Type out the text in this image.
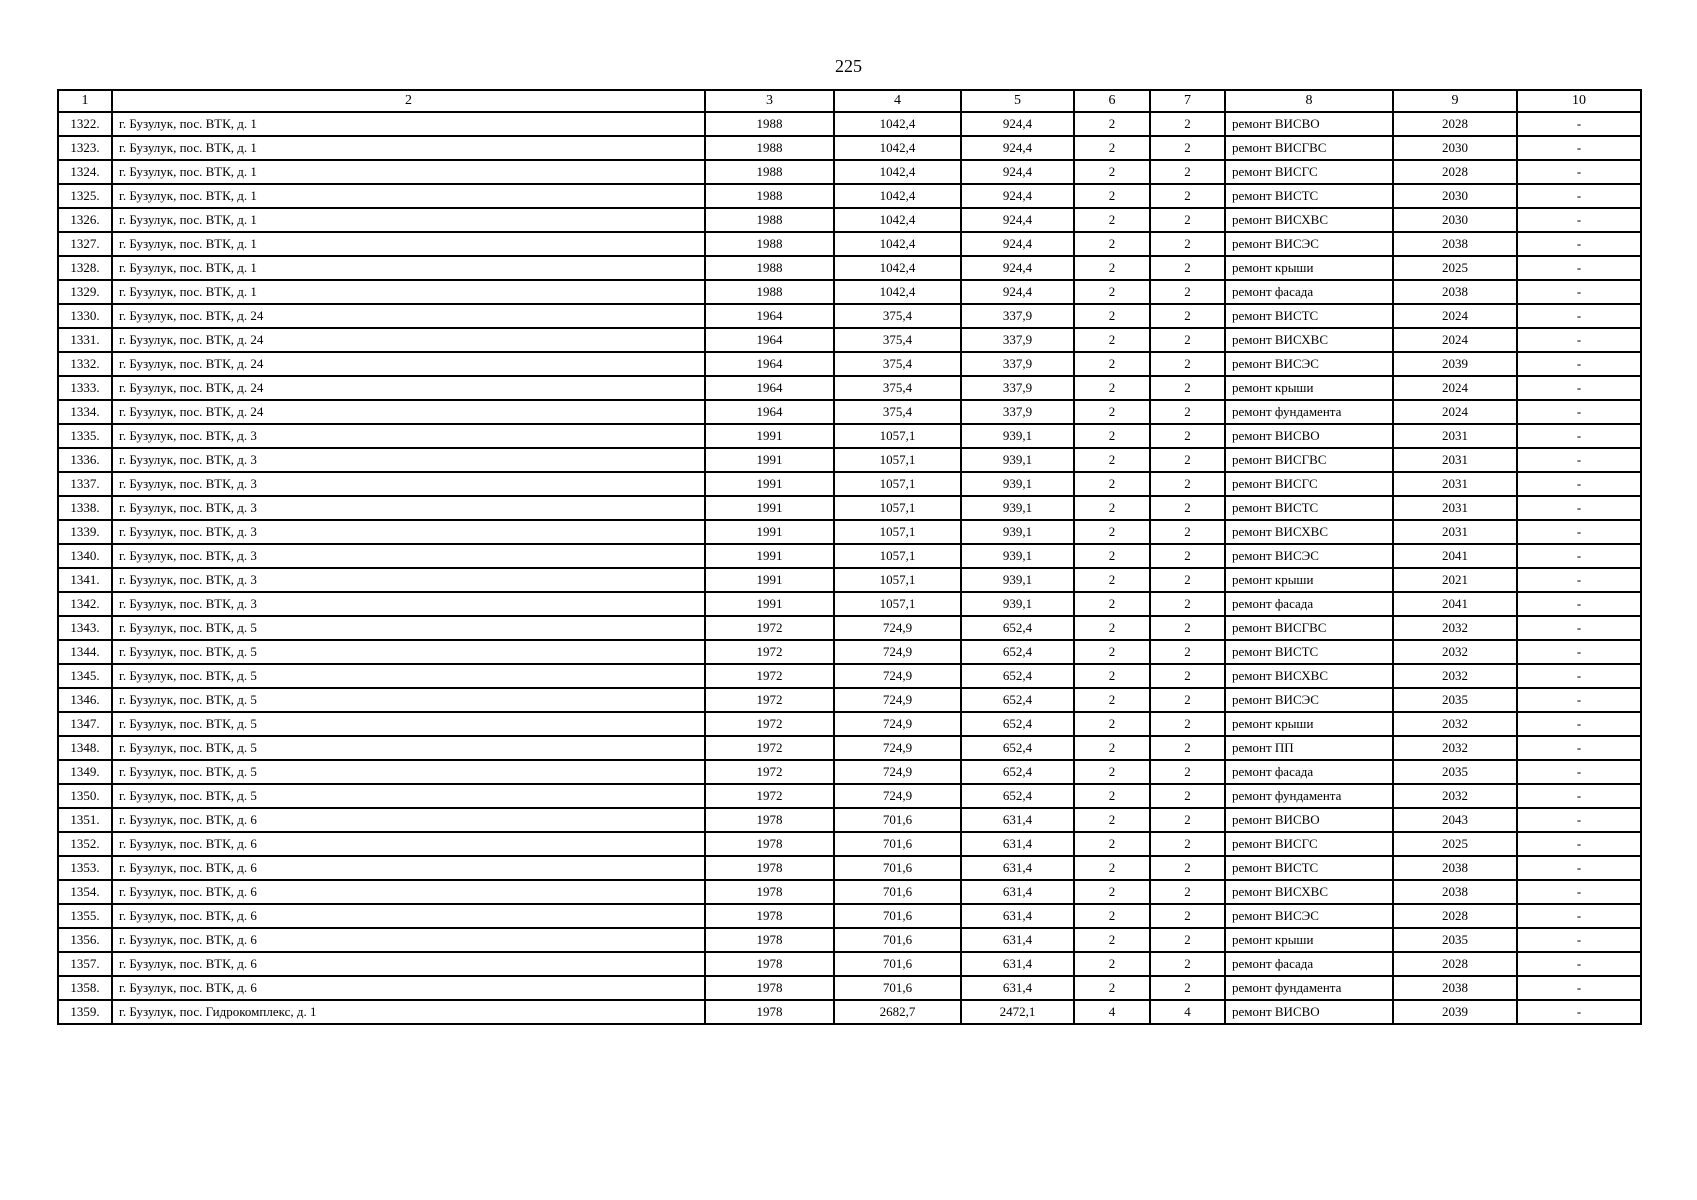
225
1	2	3	4	5	6	7	8	9	10
1322.	г. Бузулук, пос. ВТК, д. 1	1988	1042,4	924,4	2	2	ремонт ВИСВО	2028	-
1323.	г. Бузулук, пос. ВТК, д. 1	1988	1042,4	924,4	2	2	ремонт ВИСГВС	2030	-
1324.	г. Бузулук, пос. ВТК, д. 1	1988	1042,4	924,4	2	2	ремонт ВИСГС	2028	-
1325.	г. Бузулук, пос. ВТК, д. 1	1988	1042,4	924,4	2	2	ремонт ВИСТС	2030	-
1326.	г. Бузулук, пос. ВТК, д. 1	1988	1042,4	924,4	2	2	ремонт ВИСХВС	2030	-
1327.	г. Бузулук, пос. ВТК, д. 1	1988	1042,4	924,4	2	2	ремонт ВИСЭС	2038	-
1328.	г. Бузулук, пос. ВТК, д. 1	1988	1042,4	924,4	2	2	ремонт крыши	2025	-
1329.	г. Бузулук, пос. ВТК, д. 1	1988	1042,4	924,4	2	2	ремонт фасада	2038	-
1330.	г. Бузулук, пос. ВТК, д. 24	1964	375,4	337,9	2	2	ремонт ВИСТС	2024	-
1331.	г. Бузулук, пос. ВТК, д. 24	1964	375,4	337,9	2	2	ремонт ВИСХВС	2024	-
1332.	г. Бузулук, пос. ВТК, д. 24	1964	375,4	337,9	2	2	ремонт ВИСЭС	2039	-
1333.	г. Бузулук, пос. ВТК, д. 24	1964	375,4	337,9	2	2	ремонт крыши	2024	-
1334.	г. Бузулук, пос. ВТК, д. 24	1964	375,4	337,9	2	2	ремонт фундамента	2024	-
1335.	г. Бузулук, пос. ВТК, д. 3	1991	1057,1	939,1	2	2	ремонт ВИСВО	2031	-
1336.	г. Бузулук, пос. ВТК, д. 3	1991	1057,1	939,1	2	2	ремонт ВИСГВС	2031	-
1337.	г. Бузулук, пос. ВТК, д. 3	1991	1057,1	939,1	2	2	ремонт ВИСГС	2031	-
1338.	г. Бузулук, пос. ВТК, д. 3	1991	1057,1	939,1	2	2	ремонт ВИСТС	2031	-
1339.	г. Бузулук, пос. ВТК, д. 3	1991	1057,1	939,1	2	2	ремонт ВИСХВС	2031	-
1340.	г. Бузулук, пос. ВТК, д. 3	1991	1057,1	939,1	2	2	ремонт ВИСЭС	2041	-
1341.	г. Бузулук, пос. ВТК, д. 3	1991	1057,1	939,1	2	2	ремонт крыши	2021	-
1342.	г. Бузулук, пос. ВТК, д. 3	1991	1057,1	939,1	2	2	ремонт фасада	2041	-
1343.	г. Бузулук, пос. ВТК, д. 5	1972	724,9	652,4	2	2	ремонт ВИСГВС	2032	-
1344.	г. Бузулук, пос. ВТК, д. 5	1972	724,9	652,4	2	2	ремонт ВИСТС	2032	-
1345.	г. Бузулук, пос. ВТК, д. 5	1972	724,9	652,4	2	2	ремонт ВИСХВС	2032	-
1346.	г. Бузулук, пос. ВТК, д. 5	1972	724,9	652,4	2	2	ремонт ВИСЭС	2035	-
1347.	г. Бузулук, пос. ВТК, д. 5	1972	724,9	652,4	2	2	ремонт крыши	2032	-
1348.	г. Бузулук, пос. ВТК, д. 5	1972	724,9	652,4	2	2	ремонт ПП	2032	-
1349.	г. Бузулук, пос. ВТК, д. 5	1972	724,9	652,4	2	2	ремонт фасада	2035	-
1350.	г. Бузулук, пос. ВТК, д. 5	1972	724,9	652,4	2	2	ремонт фундамента	2032	-
1351.	г. Бузулук, пос. ВТК, д. 6	1978	701,6	631,4	2	2	ремонт ВИСВО	2043	-
1352.	г. Бузулук, пос. ВТК, д. 6	1978	701,6	631,4	2	2	ремонт ВИСГС	2025	-
1353.	г. Бузулук, пос. ВТК, д. 6	1978	701,6	631,4	2	2	ремонт ВИСТС	2038	-
1354.	г. Бузулук, пос. ВТК, д. 6	1978	701,6	631,4	2	2	ремонт ВИСХВС	2038	-
1355.	г. Бузулук, пос. ВТК, д. 6	1978	701,6	631,4	2	2	ремонт ВИСЭС	2028	-
1356.	г. Бузулук, пос. ВТК, д. 6	1978	701,6	631,4	2	2	ремонт крыши	2035	-
1357.	г. Бузулук, пос. ВТК, д. 6	1978	701,6	631,4	2	2	ремонт фасада	2028	-
1358.	г. Бузулук, пос. ВТК, д. 6	1978	701,6	631,4	2	2	ремонт фундамента	2038	-
1359.	г. Бузулук, пос. Гидрокомплекс, д. 1	1978	2682,7	2472,1	4	4	ремонт ВИСВО	2039	-
